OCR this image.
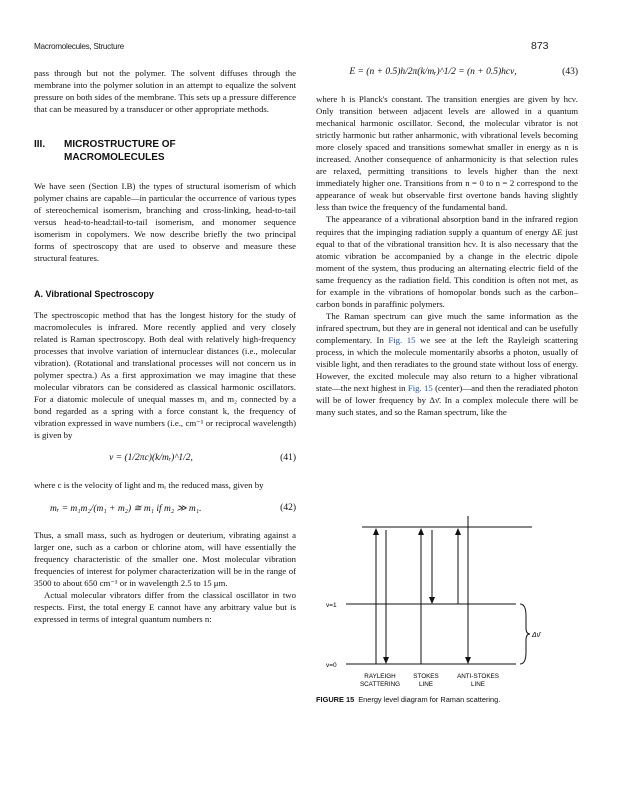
Macromolecules, Structure	873

pass through but not the polymer. The solvent diffuses through the membrane into the polymer solution in an attempt to equalize the solvent pressure on both sides of the membrane. This sets up a pressure difference that can be measured by a transducer or other appropriate methods.

III. MICROSTRUCTURE OF
MACROMOLECULES

We have seen (Section I.B) the types of structural isomerism of which polymer chains are capable—in particular the occurrence of various types of stereochemical isomerism, branching and cross-linking, head-to-tail versus head-to-head:tail-to-tail isomerism, and monomer sequence isomerism in copolymers. We now describe briefly the two principal forms of spectroscopy that are used to observe and measure these structural features.

A. Vibrational Spectroscopy

The spectroscopic method that has the longest history for the study of macromolecules is infrared. More recently applied and very closely related is Raman spectroscopy. Both deal with relatively high-frequency processes that involve variation of internuclear distances (i.e., molecular vibration). (Rotational and translational processes will not concern us in polymer spectra.) As a first approximation we may imagine that these molecular vibrators can be considered as classical harmonic oscillators. For a diatomic molecule of unequal masses m₁ and m₂ connected by a bond regarded as a spring with a force constant k, the frequency of vibration expressed in wave numbers (i.e., cm⁻¹ or reciprocal wavelength) is given by

ν = (1/2πc)(k/mᵣ)^1/2,	(41)

where c is the velocity of light and mᵣ the reduced mass, given by

mᵣ = m₁m₂/(m₁ + m₂) ≅ m₁ if m₂ ≫ m₁.	(42)

Thus, a small mass, such as hydrogen or deuterium, vibrating against a larger one, such as a carbon or chlorine atom, will have essentially the frequency characteristic of the smaller one. Most molecular vibration frequencies of interest for polymer characterization will be in the range of 3500 to about 650 cm⁻¹ or in wavelength 2.5 to 15 μm.

Actual molecular vibrators differ from the classical oscillator in two respects. First, the total energy E cannot have any arbitrary value but is expressed in terms of integral quantum numbers n:

E = (n + 0.5)h/2π(k/mᵣ)^1/2 = (n + 0.5)hcν,	(43)

where h is Planck's constant. The transition energies are given by hcν. Only transition between adjacent levels are allowed in a quantum mechanical harmonic oscillator. Second, the molecular vibrator is not strictly harmonic but rather anharmonic, with vibrational levels becoming more closely spaced and transitions somewhat smaller in energy as n is increased. Another consequence of anharmonicity is that selection rules are relaxed, permitting transitions to levels higher than the next immediately higher one. Transitions from n = 0 to n = 2 correspond to the appearance of weak but observable first overtone bands having slightly less than twice the frequency of the fundamental band.

The appearance of a vibrational absorption band in the infrared region requires that the impinging radiation supply a quantum of energy ΔE just equal to that of the vibrational transition hcν. It is also necessary that the atomic vibration be accompanied by a change in the electric dipole moment of the system, thus producing an alternating electric field of the same frequency as the radiation field. This condition is often not met, as for example in the vibrations of homopolar bonds such as the carbon–carbon bonds in paraffinic polymers.

The Raman spectrum can give much the same information as the infrared spectrum, but they are in general not identical and can be usefully complementary. In Fig. 15 we see at the left the Rayleigh scattering process, in which the molecule momentarily absorbs a photon, usually of visible light, and then reradiates to the ground state without loss of energy. However, the excited molecule may also return to a higher vibrational state—the next highest in Fig. 15 (center)—and then the reradiated photon will be of lower frequency by Δν̄. In a complex molecule there will be many such states, and so the Raman spectrum, like the

v=1
v=0
Δν̄
RAYLEIGH
SCATTERING
STOKES
LINE
ANTI-STOKES
LINE
FIGURE 15 Energy level diagram for Raman scattering.
